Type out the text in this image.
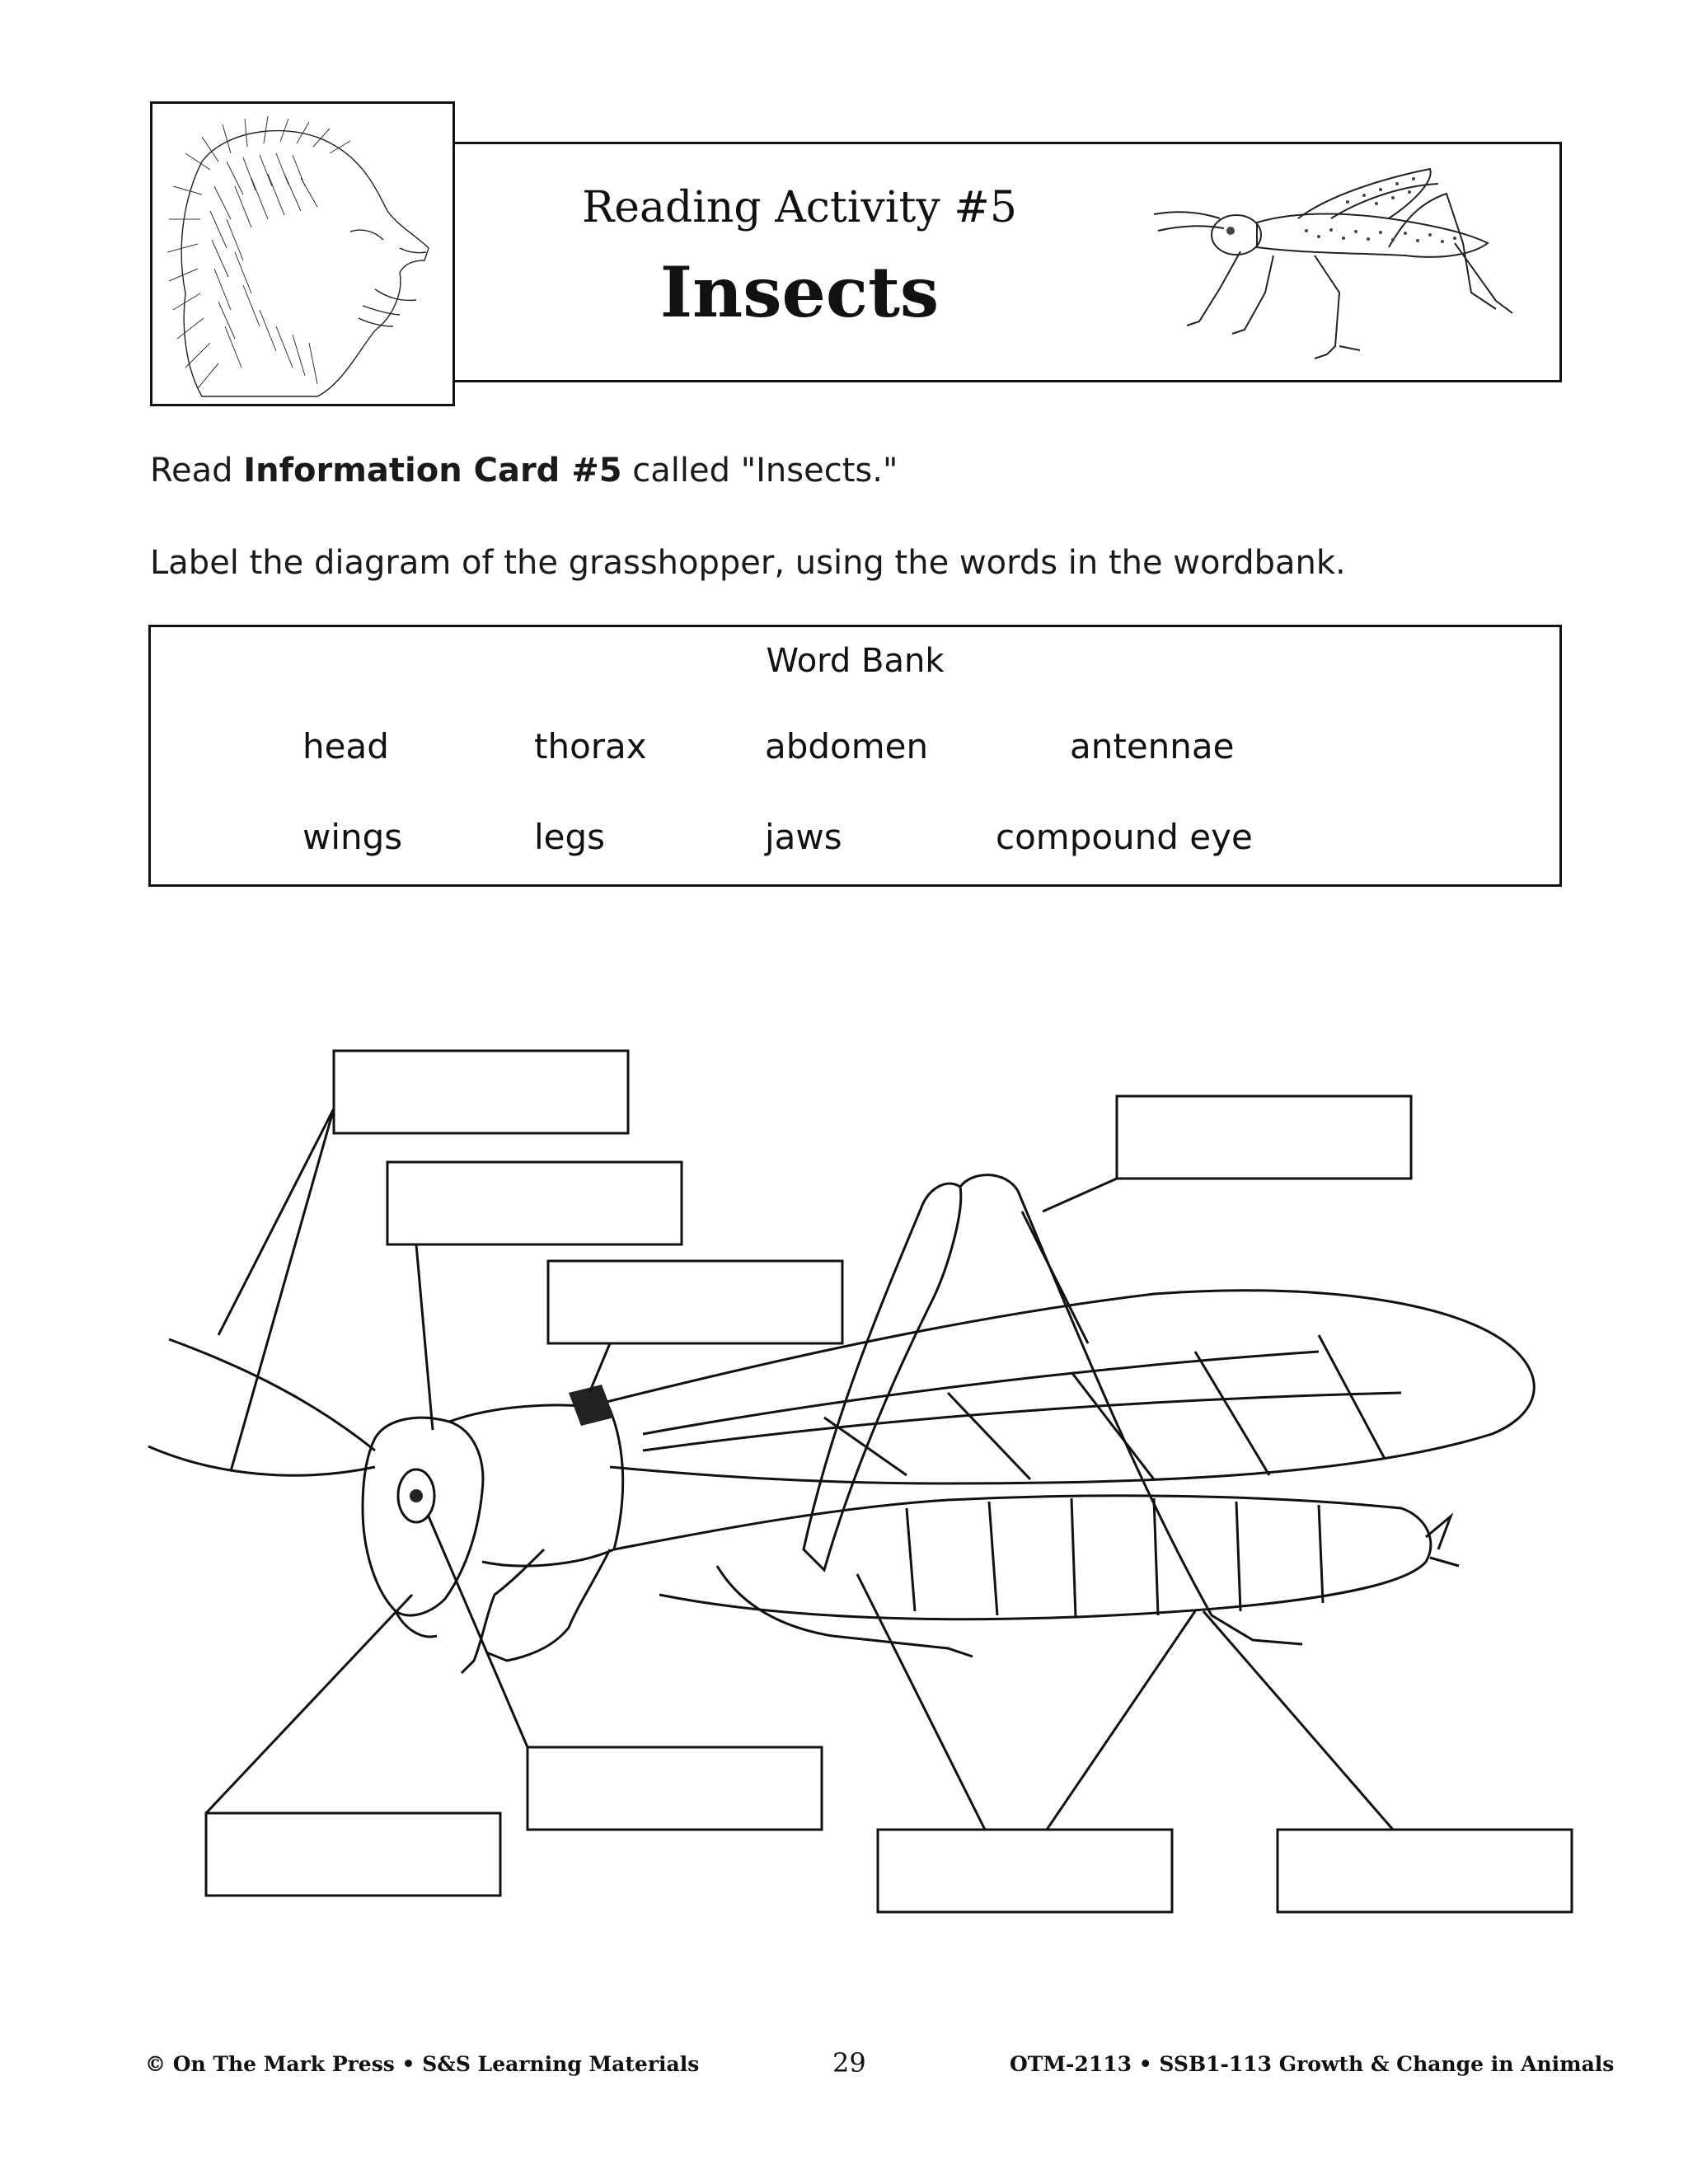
Reading Activity #5
Insects
Read Information Card #5 called "Insects."
Label the diagram of the grasshopper, using the words in the wordbank.
Word Bank
head	thorax	abdomen	antennae
wings	legs	jaws	compound eye
© On The Mark Press • S&S Learning Materials	29	OTM-2113 • SSB1-113 Growth & Change in Animals
